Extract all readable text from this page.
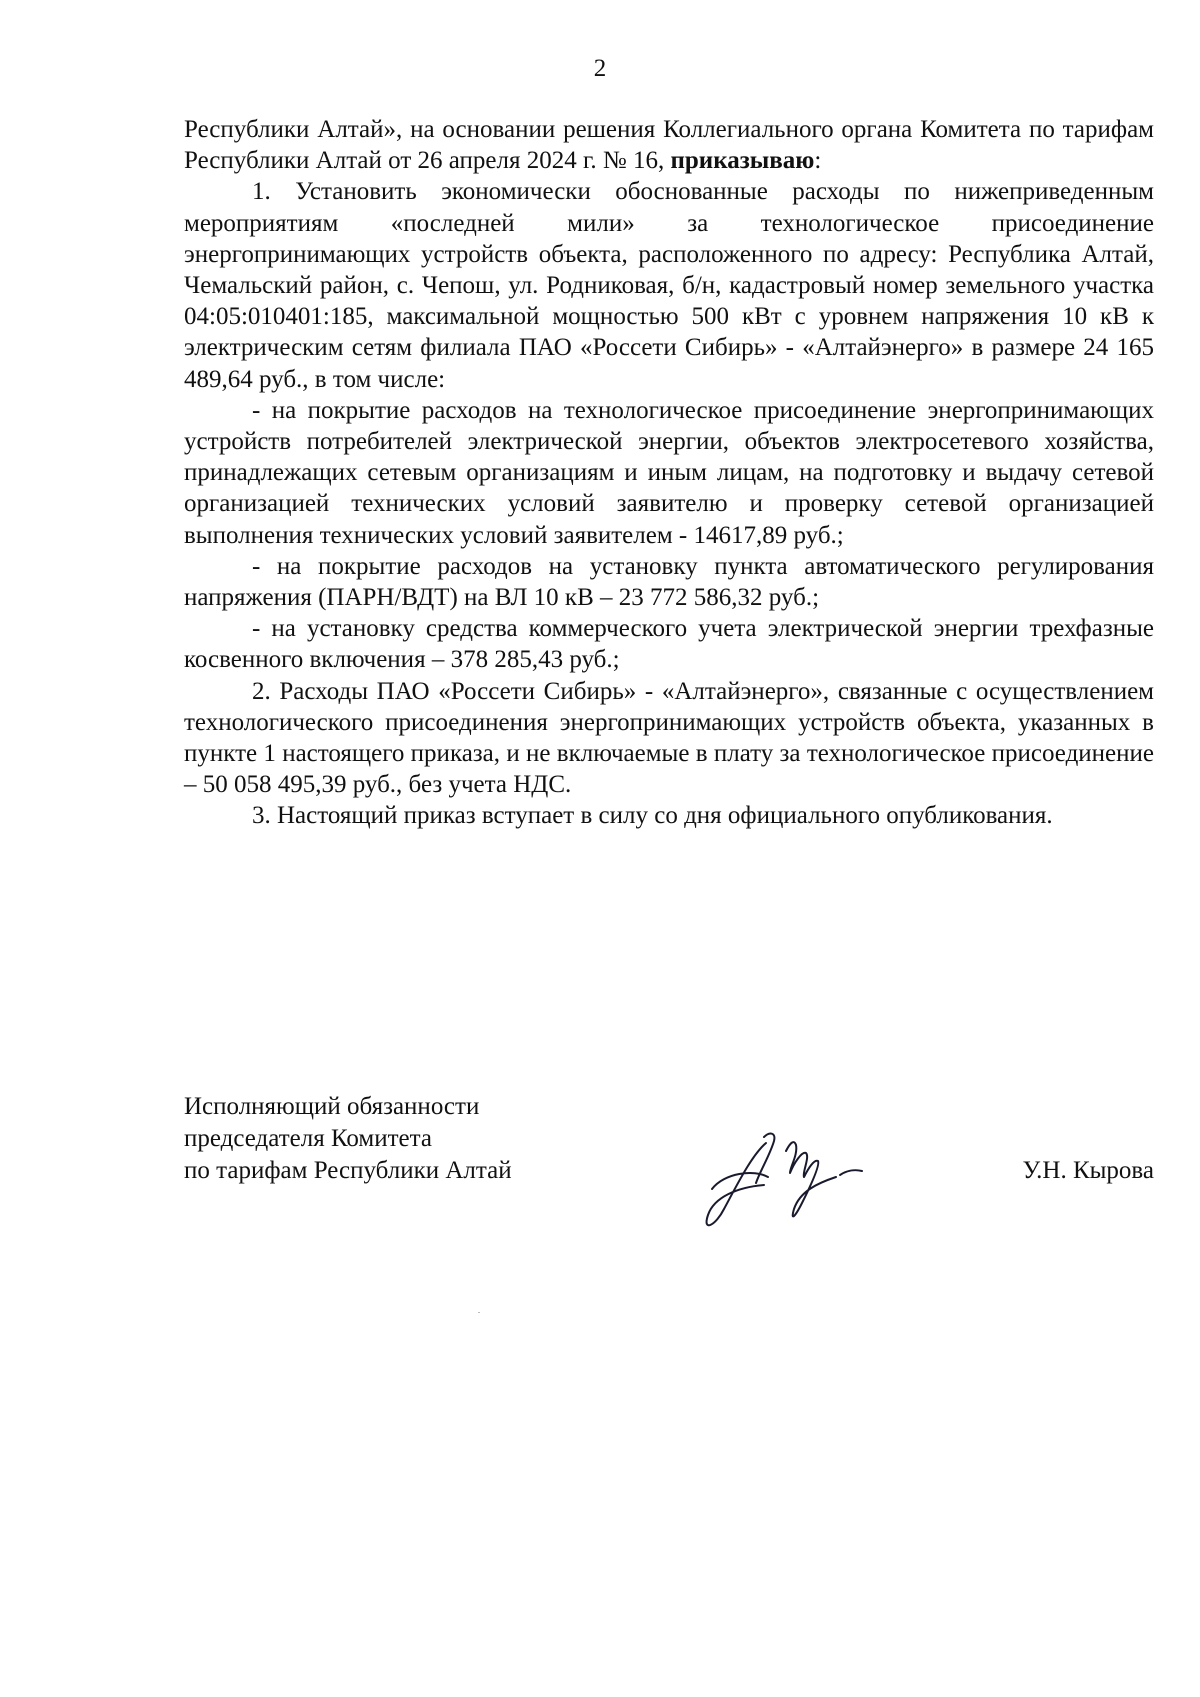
2

Республики Алтай», на основании решения Коллегиального органа Комитета по тарифам Республики Алтай от 26 апреля 2024 г. № 16, приказываю:

1. Установить экономически обоснованные расходы по нижеприведенным мероприятиям «последней мили» за технологическое присоединение энергопринимающих устройств объекта, расположенного по адресу: Республика Алтай, Чемальский район, с. Чепош, ул. Родниковая, б/н, кадастровый номер земельного участка 04:05:010401:185, максимальной мощностью 500 кВт с уровнем напряжения 10 кВ к электрическим сетям филиала ПАО «Россети Сибирь» - «Алтайэнерго» в размере 24 165 489,64 руб., в том числе:

- на покрытие расходов на технологическое присоединение энергопринимающих устройств потребителей электрической энергии, объектов электросетевого хозяйства, принадлежащих сетевым организациям и иным лицам, на подготовку и выдачу сетевой организацией технических условий заявителю и проверку сетевой организацией выполнения технических условий заявителем - 14617,89 руб.;

- на покрытие расходов на установку пункта автоматического регулирования напряжения (ПАРН/ВДТ) на ВЛ 10 кВ – 23 772 586,32 руб.;

- на установку средства коммерческого учета электрической энергии трехфазные косвенного включения – 378 285,43 руб.;

2. Расходы ПАО «Россети Сибирь» - «Алтайэнерго», связанные с осуществлением технологического присоединения энергопринимающих устройств объекта, указанных в пункте 1 настоящего приказа, и не включаемые в плату за технологическое присоединение – 50 058 495,39 руб., без учета НДС.

3. Настоящий приказ вступает в силу со дня официального опубликования.

Исполняющий обязанности
председателя Комитета
по тарифам Республики Алтай	У.Н. Кырова
